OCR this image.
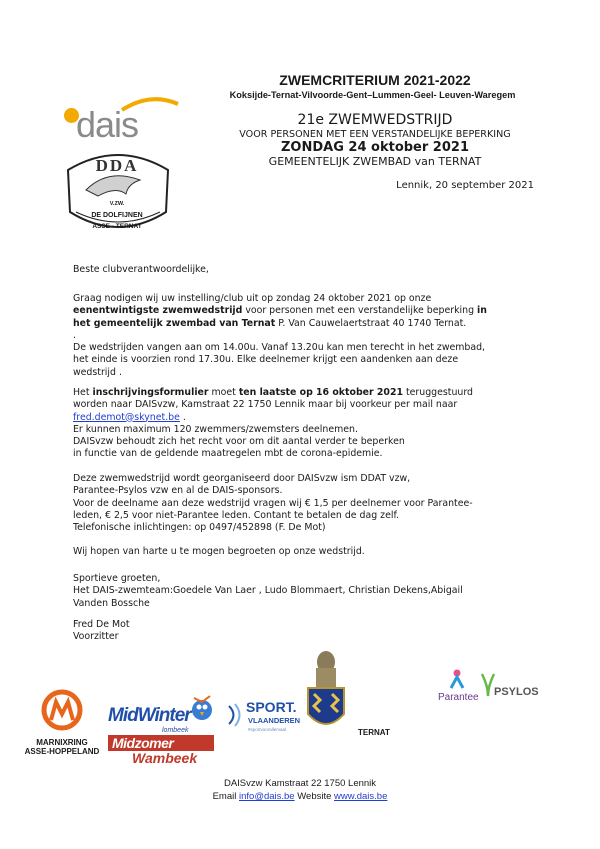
dais
DDA
V.ZW.
DE DOLFIJNEN
ASSE - TERNAT
ZWEMCRITERIUM 2021-2022
Koksijde-Ternat-Vilvoorde-Gent–Lummen-Geel- Leuven-Waregem
21e ZWEMWEDSTRIJD
VOOR PERSONEN MET EEN VERSTANDELIJKE BEPERKING
ZONDAG 24 oktober 2021
GEMEENTELIJK ZWEMBAD van TERNAT
Lennik, 20 september 2021
Beste clubverantwoordelijke,

Graag nodigen wij uw instelling/club uit op zondag 24 oktober 2021 op onze

eenentwintigste zwemwedstrijd voor personen met een verstandelijke beperking in

het gemeentelijk zwembad van Ternat P. Van Cauwelaertstraat 40 1740 Ternat.

.

De wedstrijden vangen aan om 14.00u. Vanaf 13.20u kan men terecht in het zwembad,

het einde is voorzien rond 17.30u. Elke deelnemer krijgt een aandenken aan deze

wedstrijd .

Het inschrijvingsformulier moet ten laatste op 16 oktober 2021 teruggestuurd

worden naar DAISvzw, Kamstraat 22 1750 Lennik maar bij voorkeur per mail naar

fred.demot@skynet.be .

Er kunnen maximum 120 zwemmers/zwemsters deelnemen.

DAISvzw behoudt zich het recht voor om dit aantal verder te beperken

in functie van de geldende maatregelen mbt de corona-epidemie.

Deze zwemwedstrijd wordt georganiseerd door DAISvzw ism DDAT vzw,

Parantee-Psylos vzw en al de DAIS-sponsors.

Voor de deelname aan deze wedstrijd vragen wij € 1,5 per deelnemer voor Parantee-

leden, € 2,5 voor niet-Parantee leden. Contant te betalen de dag zelf.

Telefonische inlichtingen: op 0497/452898 (F. De Mot)

Wij hopen van harte u te mogen begroeten op onze wedstrijd.

Sportieve groeten,

Het DAIS-zwemteam:Goedele Van Laer , Ludo Blommaert, Christian Dekens,Abigail

Vanden Bossche

Fred De Mot

Voorzitter

MARNIXRING
ASSE-HOPPELAND
MidWinter
lombeek
Midzomer
Wambeek
SPORT.
VLAANDEREN
#sportvoorallemaal	TERNAT
Parantee PSYLOS
DAISvzw Kamstraat 22 1750 Lennik
Email info@dais.be Website www.dais.be
